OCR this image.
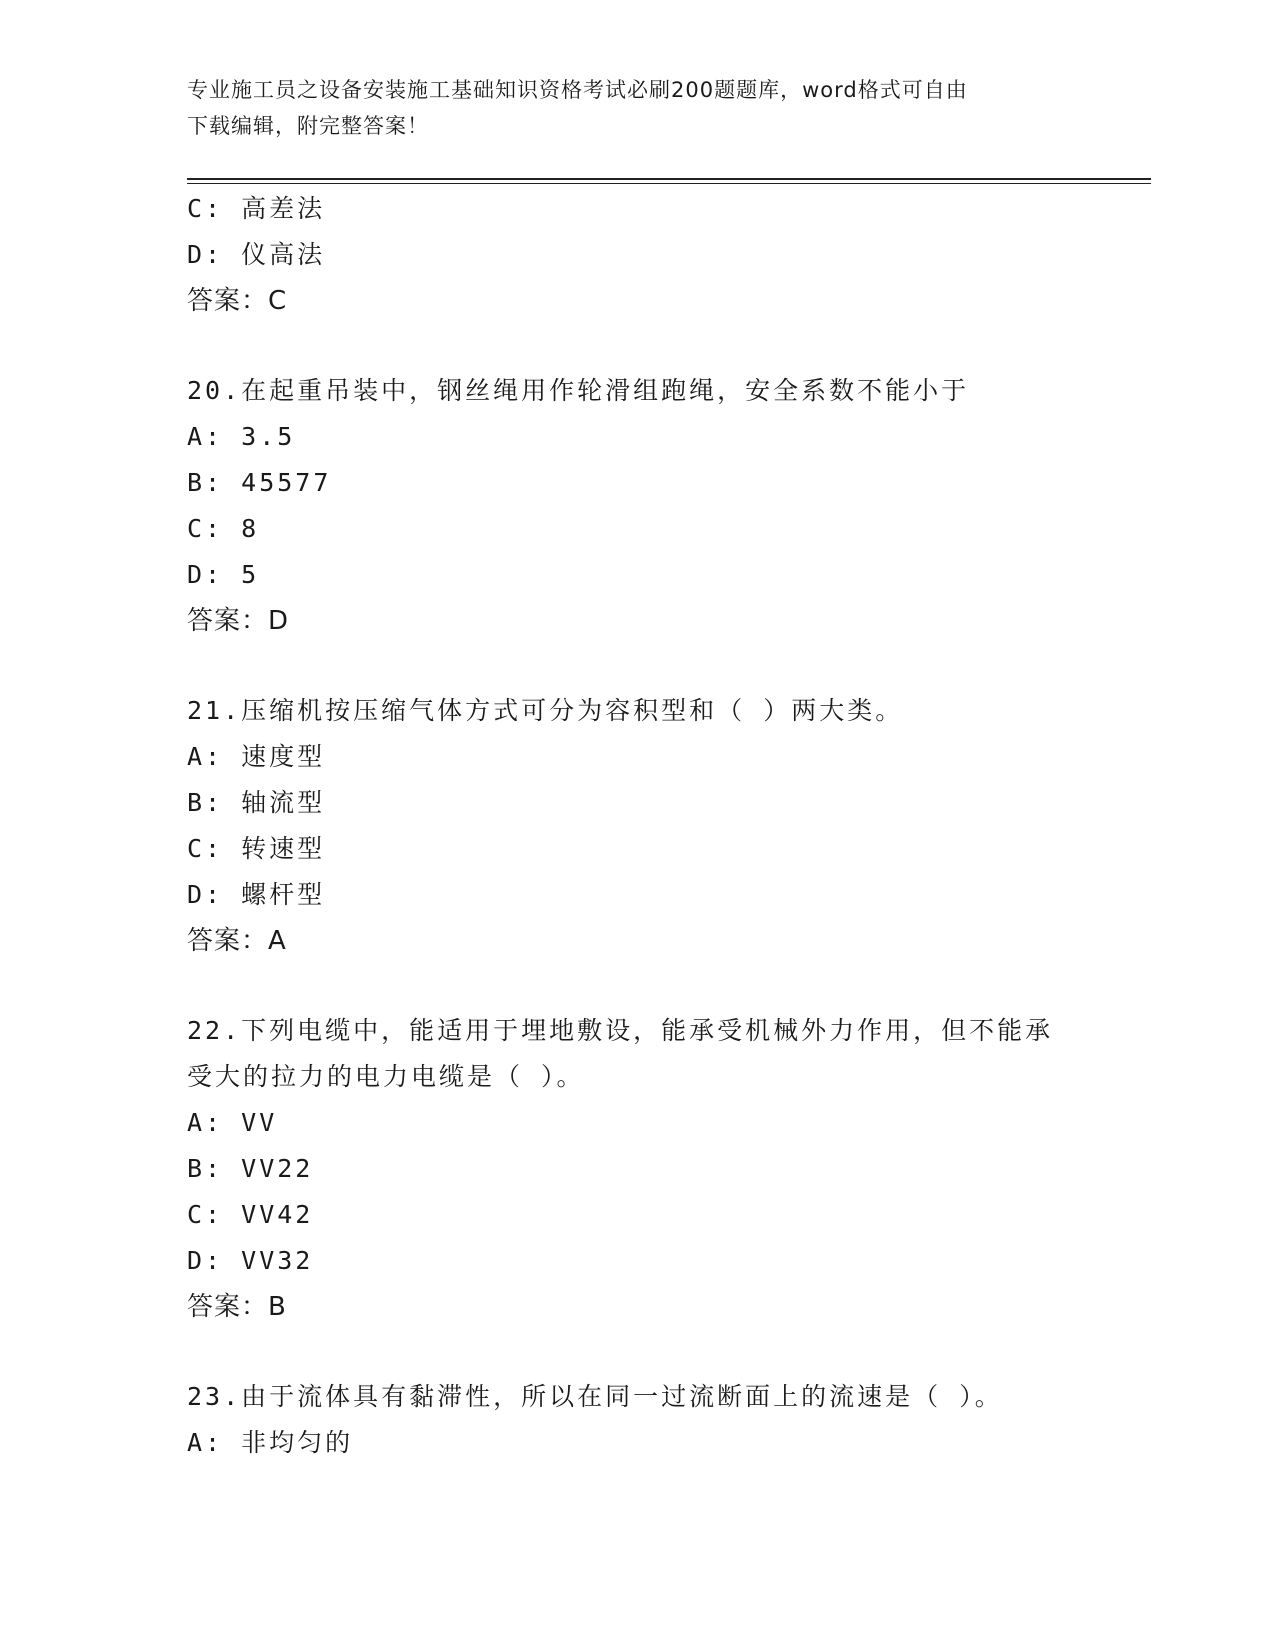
专业施工员之设备安装施工基础知识资格考试必刷200题题库，word格式可自由
下载编辑，附完整答案！
C: 高差法
D: 仪高法
答案：C
20.在起重吊装中，钢丝绳用作轮滑组跑绳，安全系数不能小于
A: 3.5
B: 45577
C: 8
D: 5
答案：D
21.压缩机按压缩气体方式可分为容积型和（ ）两大类。
A: 速度型
B: 轴流型
C: 转速型
D: 螺杆型
答案：A
22.下列电缆中，能适用于埋地敷设，能承受机械外力作用，但不能承
受大的拉力的电力电缆是（ ）。
A: VV
B: VV22
C: VV42
D: VV32
答案：B
23.由于流体具有黏滞性，所以在同一过流断面上的流速是（ ）。
A: 非均匀的
